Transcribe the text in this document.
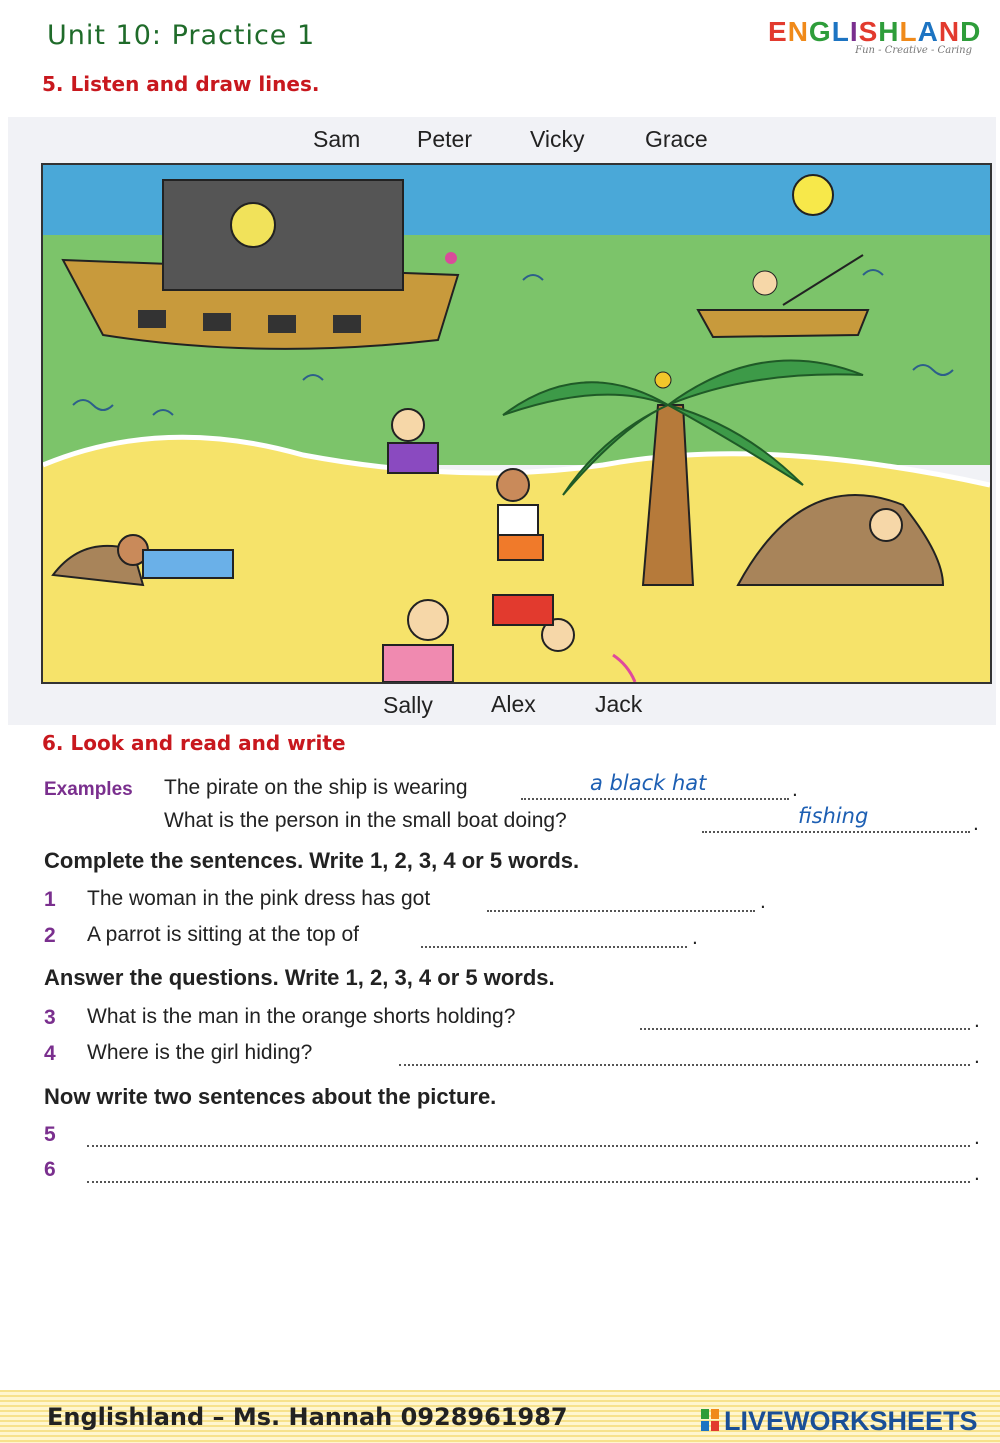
Unit 10: Practice 1	ENGLISHLAND
Fun - Creative - Caring
5. Listen and draw lines.
Sam Peter	Vicky	Grace
Sally	Alex	Jack
6. Look and read and write
Examples The pirate on the ship is wearing	.
a black hat
What is the person in the small boat doing?	.
fishing
Complete the sentences. Write 1, 2, 3, 4 or 5 words.
1 The woman in the pink dress has got	.
2 A parrot is sitting at the top of	.
Answer the questions. Write 1, 2, 3, 4 or 5 words.
3 What is the man in the orange shorts holding?	.
4 Where is the girl hiding?	.
Now write two sentences about the picture.
5	.
6	.
Englishland – Ms. Hannah 0928961987	LIVEWORKSHEETS
